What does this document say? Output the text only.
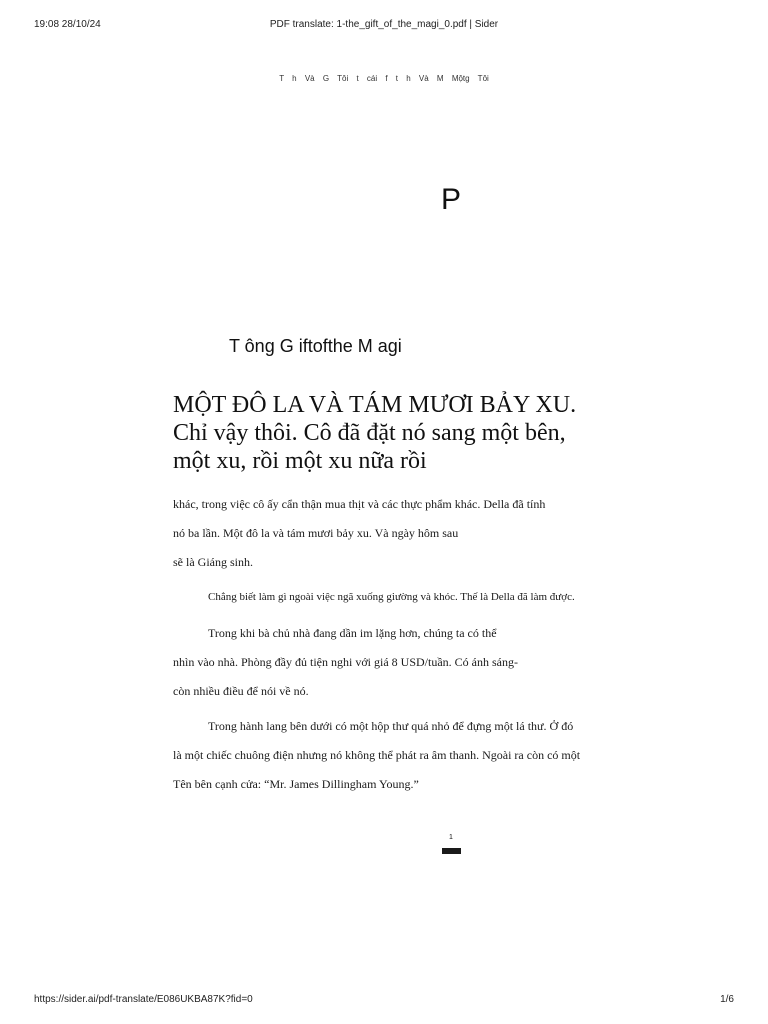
19:08 28/10/24	PDF translate: 1-the_gift_of_the_magi_0.pdf | Sider
T h Và G Tôi t cái f t h Và M Mộtg Tôi
P
T ông G iftofthe M agi
MỘT ĐÔ LA VÀ TÁM MƯƠI BẢY XU.
Chỉ vậy thôi. Cô đã đặt nó sang một bên,
một xu, rồi một xu nữa rồi
khác, trong việc cô ấy cẩn thận mua thịt và các thực phẩm khác. Della đã tính
nó ba lần. Một đô la và tám mươi bảy xu. Và ngày hôm sau
sẽ là Giáng sinh.
Chẳng biết làm gì ngoài việc ngã xuống giường và khóc. Thế là Della đã làm được.
Trong khi bà chủ nhà đang dần im lặng hơn, chúng ta có thể
nhìn vào nhà. Phòng đầy đủ tiện nghi với giá 8 USD/tuần. Có ánh sáng-
còn nhiều điều để nói về nó.
Trong hành lang bên dưới có một hộp thư quá nhỏ để đựng một lá thư. Ở đó
là một chiếc chuông điện nhưng nó không thể phát ra âm thanh. Ngoài ra còn có một
Tên bên cạnh cửa: “Mr. James Dillingham Young.”
1
https://sider.ai/pdf-translate/E086UKBA87K?fid=0	1/6
